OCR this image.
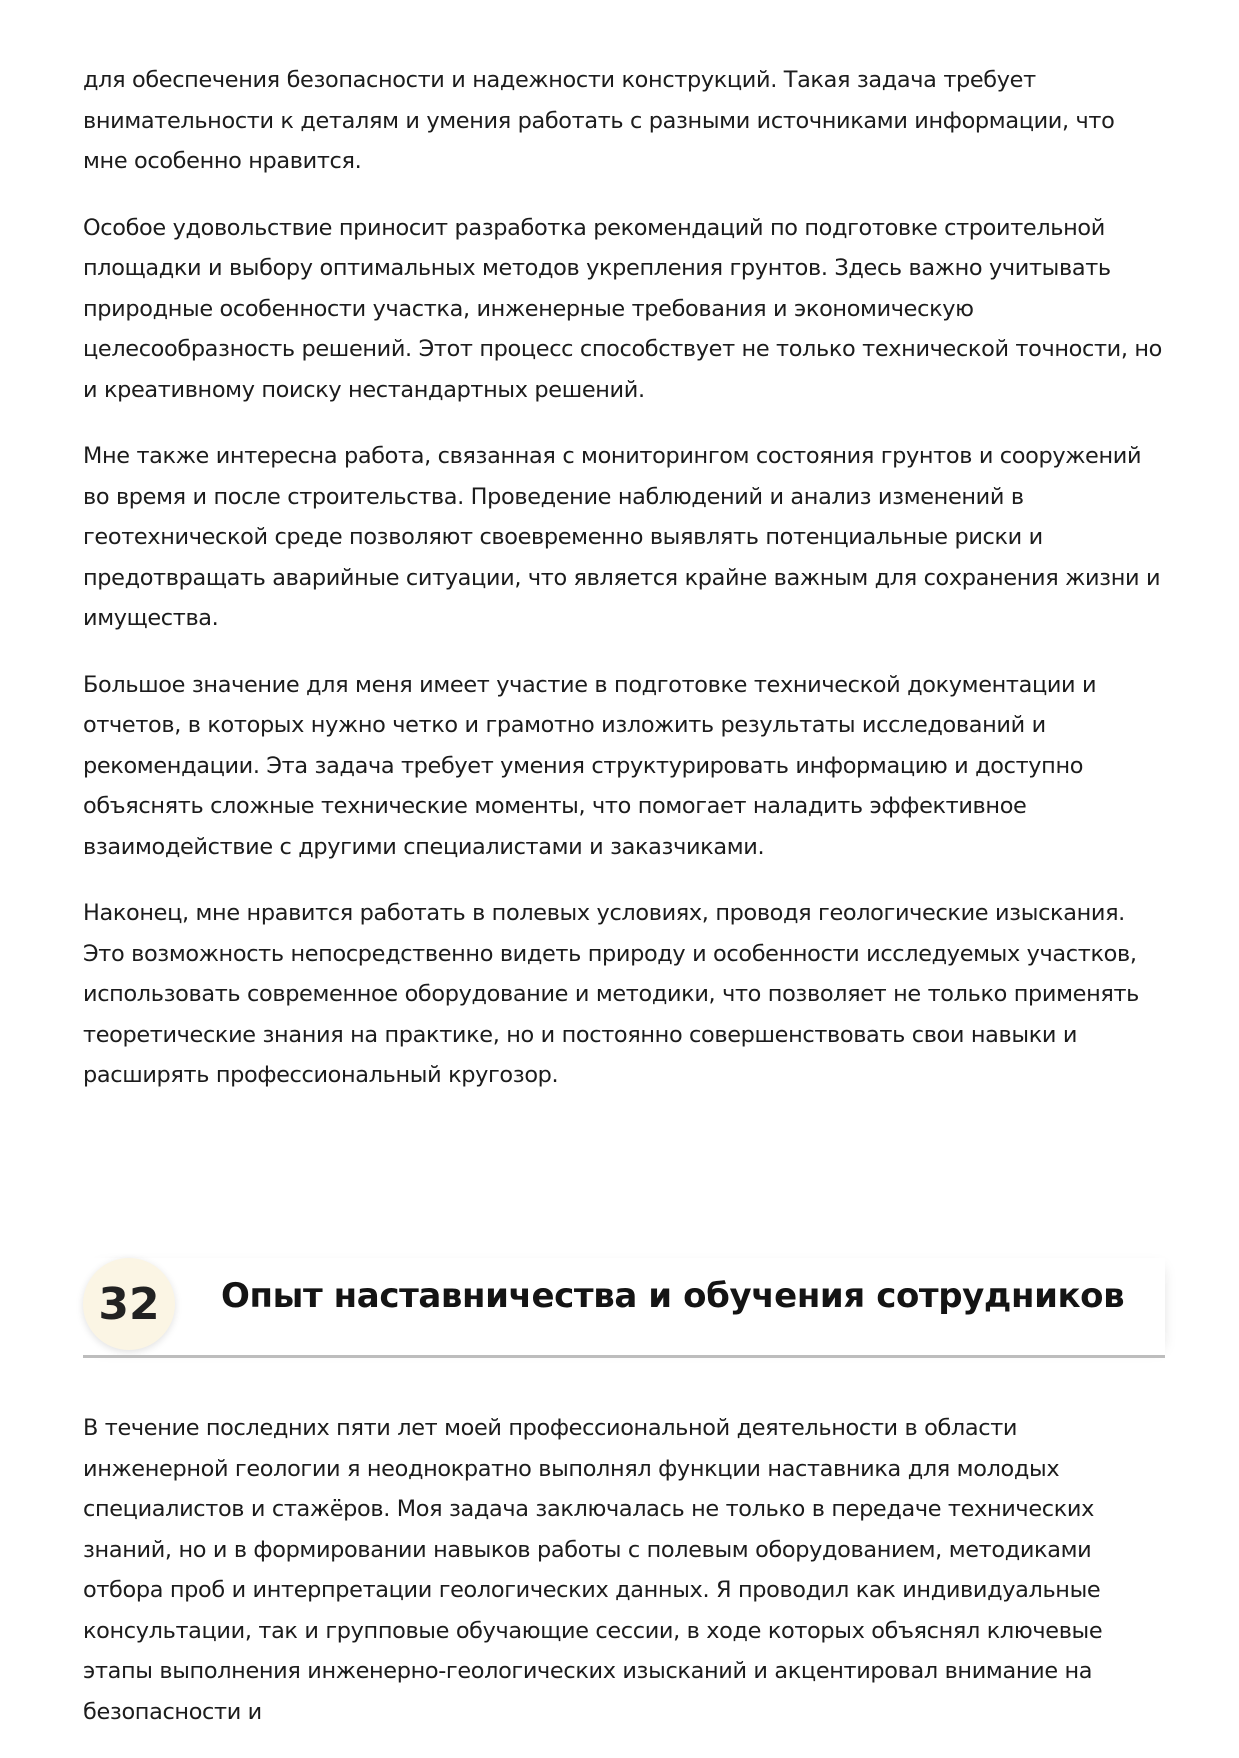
для обеспечения безопасности и надежности конструкций. Такая задача требует внимательности к деталям и умения работать с разными источниками информации, что мне особенно нравится.

Особое удовольствие приносит разработка рекомендаций по подготовке строительной площадки и выбору оптимальных методов укрепления грунтов. Здесь важно учитывать природные особенности участка, инженерные требования и экономическую целесообразность решений. Этот процесс способствует не только технической точности, но и креативному поиску нестандартных решений.

Мне также интересна работа, связанная с мониторингом состояния грунтов и сооружений во время и после строительства. Проведение наблюдений и анализ изменений в геотехнической среде позволяют своевременно выявлять потенциальные риски и предотвращать аварийные ситуации, что является крайне важным для сохранения жизни и имущества.

Большое значение для меня имеет участие в подготовке технической документации и отчетов, в которых нужно четко и грамотно изложить результаты исследований и рекомендации. Эта задача требует умения структурировать информацию и доступно объяснять сложные технические моменты, что помогает наладить эффективное взаимодействие с другими специалистами и заказчиками.

Наконец, мне нравится работать в полевых условиях, проводя геологические изыскания. Это возможность непосредственно видеть природу и особенности исследуемых участков, использовать современное оборудование и методики, что позволяет не только применять теоретические знания на практике, но и постоянно совершенствовать свои навыки и расширять профессиональный кругозор.

32	Опыт наставничества и обучения сотрудников

В течение последних пяти лет моей профессиональной деятельности в области инженерной геологии я неоднократно выполнял функции наставника для молодых специалистов и стажёров. Моя задача заключалась не только в передаче технических знаний, но и в формировании навыков работы с полевым оборудованием, методиками отбора проб и интерпретации геологических данных. Я проводил как индивидуальные консультации, так и групповые обучающие сессии, в ходе которых объяснял ключевые этапы выполнения инженерно-геологических изысканий и акцентировал внимание на безопасности и
